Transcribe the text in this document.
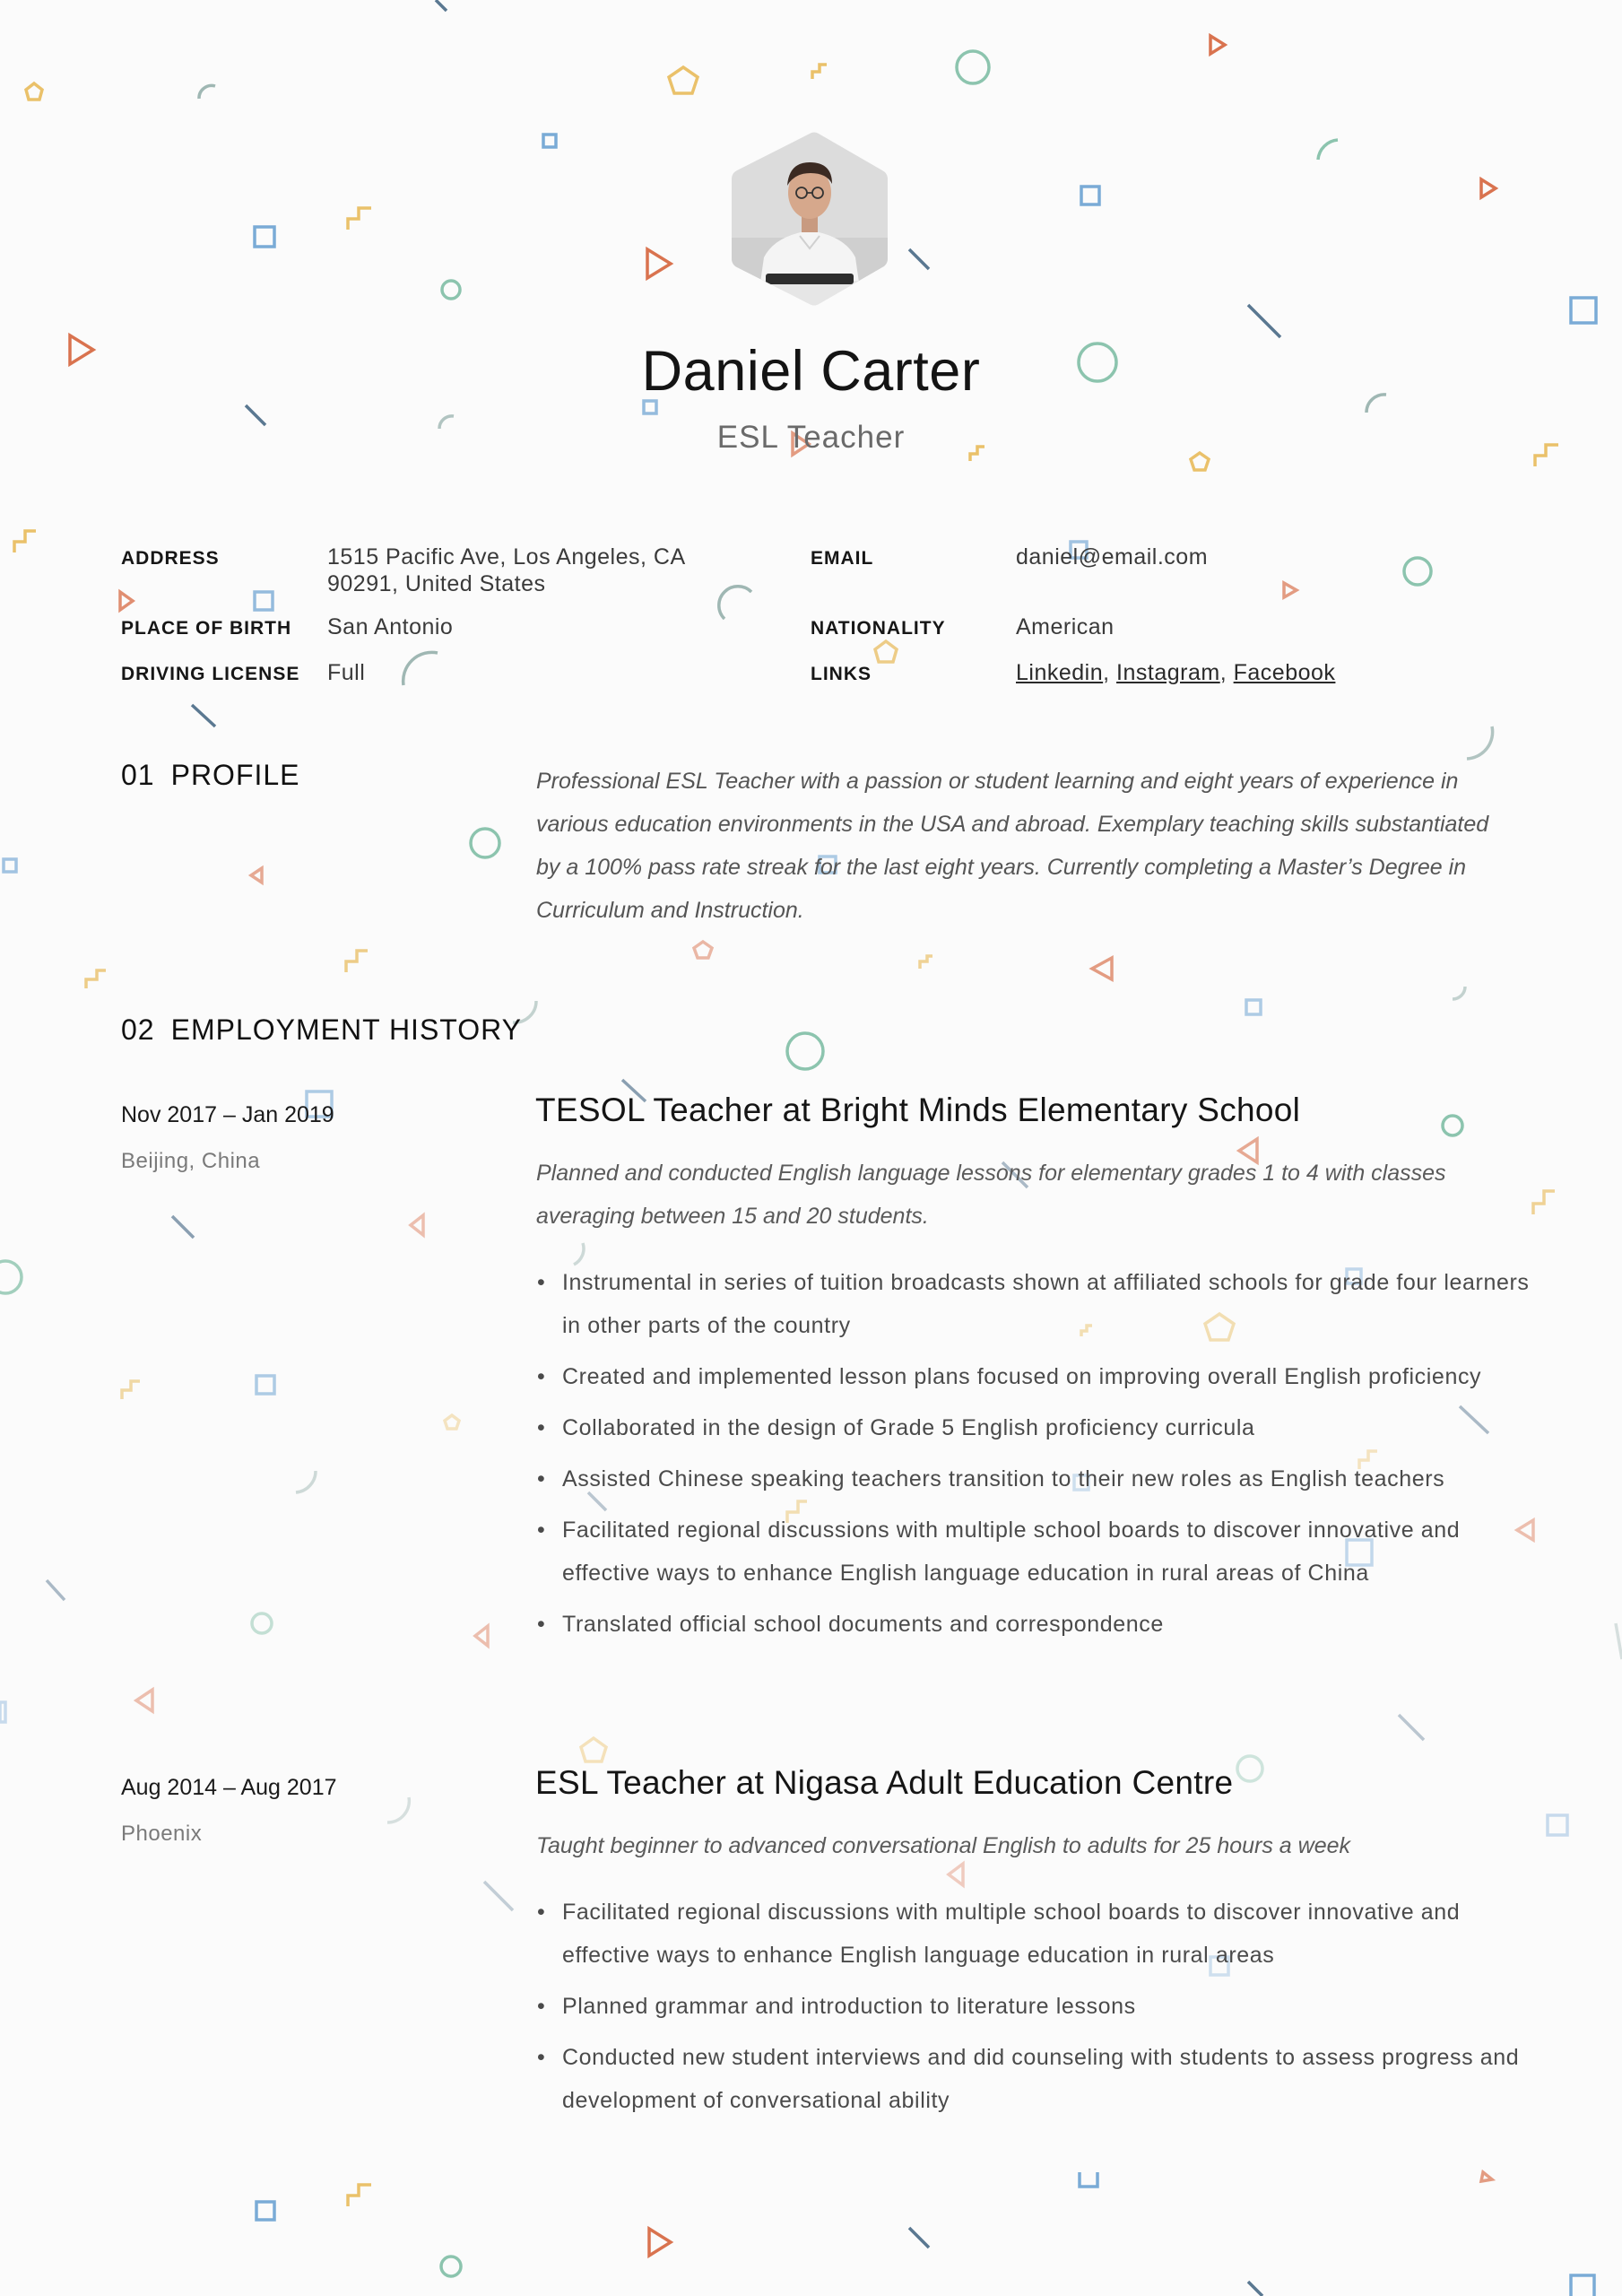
Daniel Carter
ESL Teacher
ADDRESS	1515 Pacific Ave, Los Angeles, CA
90291, United States
PLACE OF BIRTH San Antonio
DRIVING LICENSE Full
EMAIL	daniel@email.com
NATIONALITY	American
LINKS	Linkedin, Instagram, Facebook
01 PROFILE	Professional ESL Teacher with a passion or student learning and eight years of experience in various education environments in the USA and abroad. Exemplary teaching skills substantiated by a 100% pass rate streak for the last eight years. Currently completing a Master’s Degree in Curriculum and Instruction.
02 EMPLOYMENT HISTORY
Nov 2017 – Jan 2019
Beijing, China
TESOL Teacher at Bright Minds Elementary School
Planned and conducted English language lessons for elementary grades 1 to 4 with classes averaging between 15 and 20 students.
• Instrumental in series of tuition broadcasts shown at affiliated schools for grade four learners in other parts of the country
• Created and implemented lesson plans focused on improving overall English proficiency
• Collaborated in the design of Grade 5 English proficiency curricula
• Assisted Chinese speaking teachers transition to their new roles as English teachers
• Facilitated regional discussions with multiple school boards to discover innovative and effective ways to enhance English language education in rural areas of China
• Translated official school documents and correspondence
Aug 2014 – Aug 2017
Phoenix
ESL Teacher at Nigasa Adult Education Centre
Taught beginner to advanced conversational English to adults for 25 hours a week
• Facilitated regional discussions with multiple school boards to discover innovative and effective ways to enhance English language education in rural areas
• Planned grammar and introduction to literature lessons
• Conducted new student interviews and did counseling with students to assess progress and development of conversational ability
